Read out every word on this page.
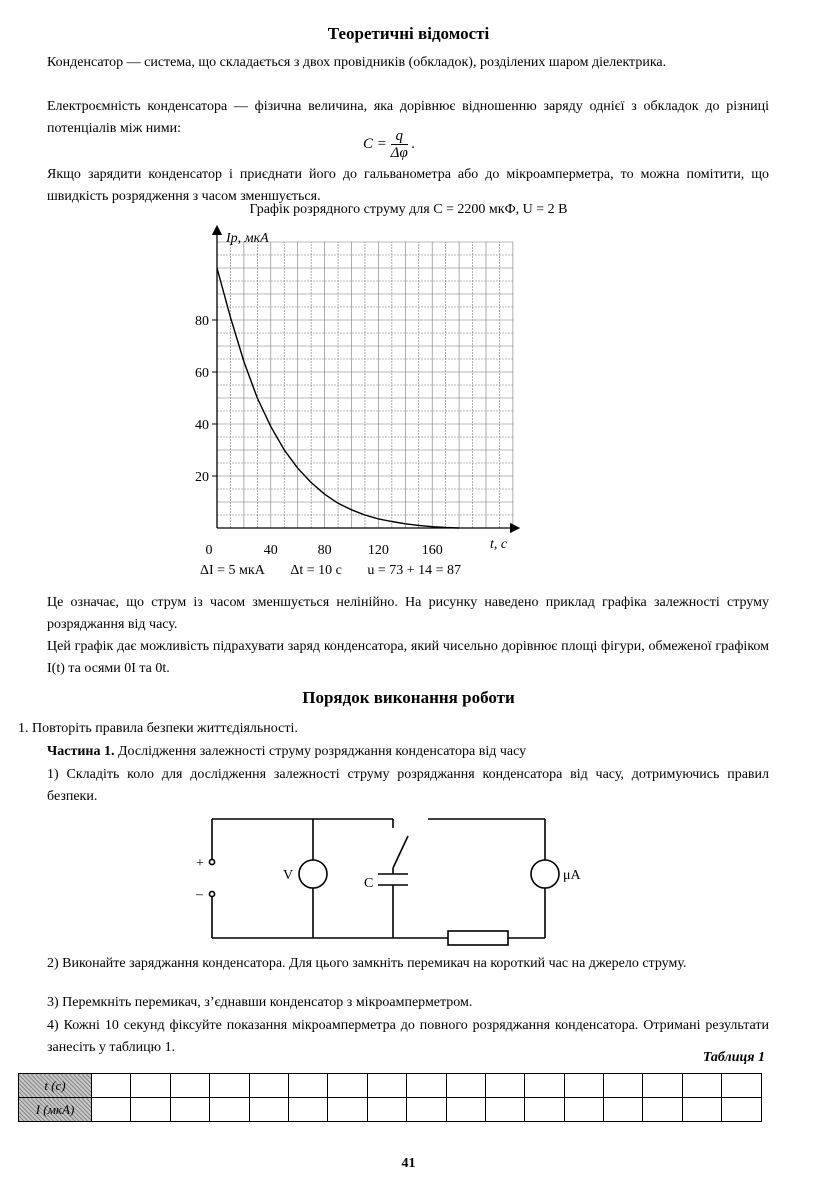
Теоретичні відомості
Конденсатор — система, що складається з двох провідників (обкладок), розділених шаром діелектрика.
Електроємність конденсатора — фізична величина, яка дорівнює відношенню заряду однієї з обкладок до різниці потенціалів між ними:
$C = \frac{q}{\Delta\varphi}$ .
Якщо зарядити конденсатор і приєднати його до гальванометра або до мікроамперметра, то можна помітити, що швидкість розрядження з часом зменшується.
Графік розрядного струму для C = 2200 мкФ, U = 2 В
20
40
60
80
0	40	80	120 160
Iр, мкА
t, с
ΔI = 5 мкА Δt = 10 с u = 73 + 14 = 87
Це означає, що струм із часом зменшується нелінійно. На рисунку наведено приклад графіка залежності струму розряджання від часу.
Цей графік дає можливість підрахувати заряд конденсатора, який чисельно дорівнює площі фігури, обмеженої графіком I(t) та осями 0I та 0t.
Порядок виконання роботи
1. Повторіть правила безпеки життєдіяльності.
Частина 1. Дослідження залежності струму розряджання конденсатора від часу
1) Складіть коло для дослідження залежності струму розряджання конденсатора від часу, дотримуючись правил безпеки.
+
–
V
C
μA
2) Виконайте заряджання конденсатора. Для цього замкніть перемикач на короткий час на джерело струму.
3) Перемкніть перемикач, з’єднавши конденсатор з мікроамперметром.
4) Кожні 10 секунд фіксуйте показання мікроамперметра до повного розряджання конденсатора. Отримані результати занесіть у таблицю 1.
Таблиця 1
t (с)																	
I (мкА)																	
41
